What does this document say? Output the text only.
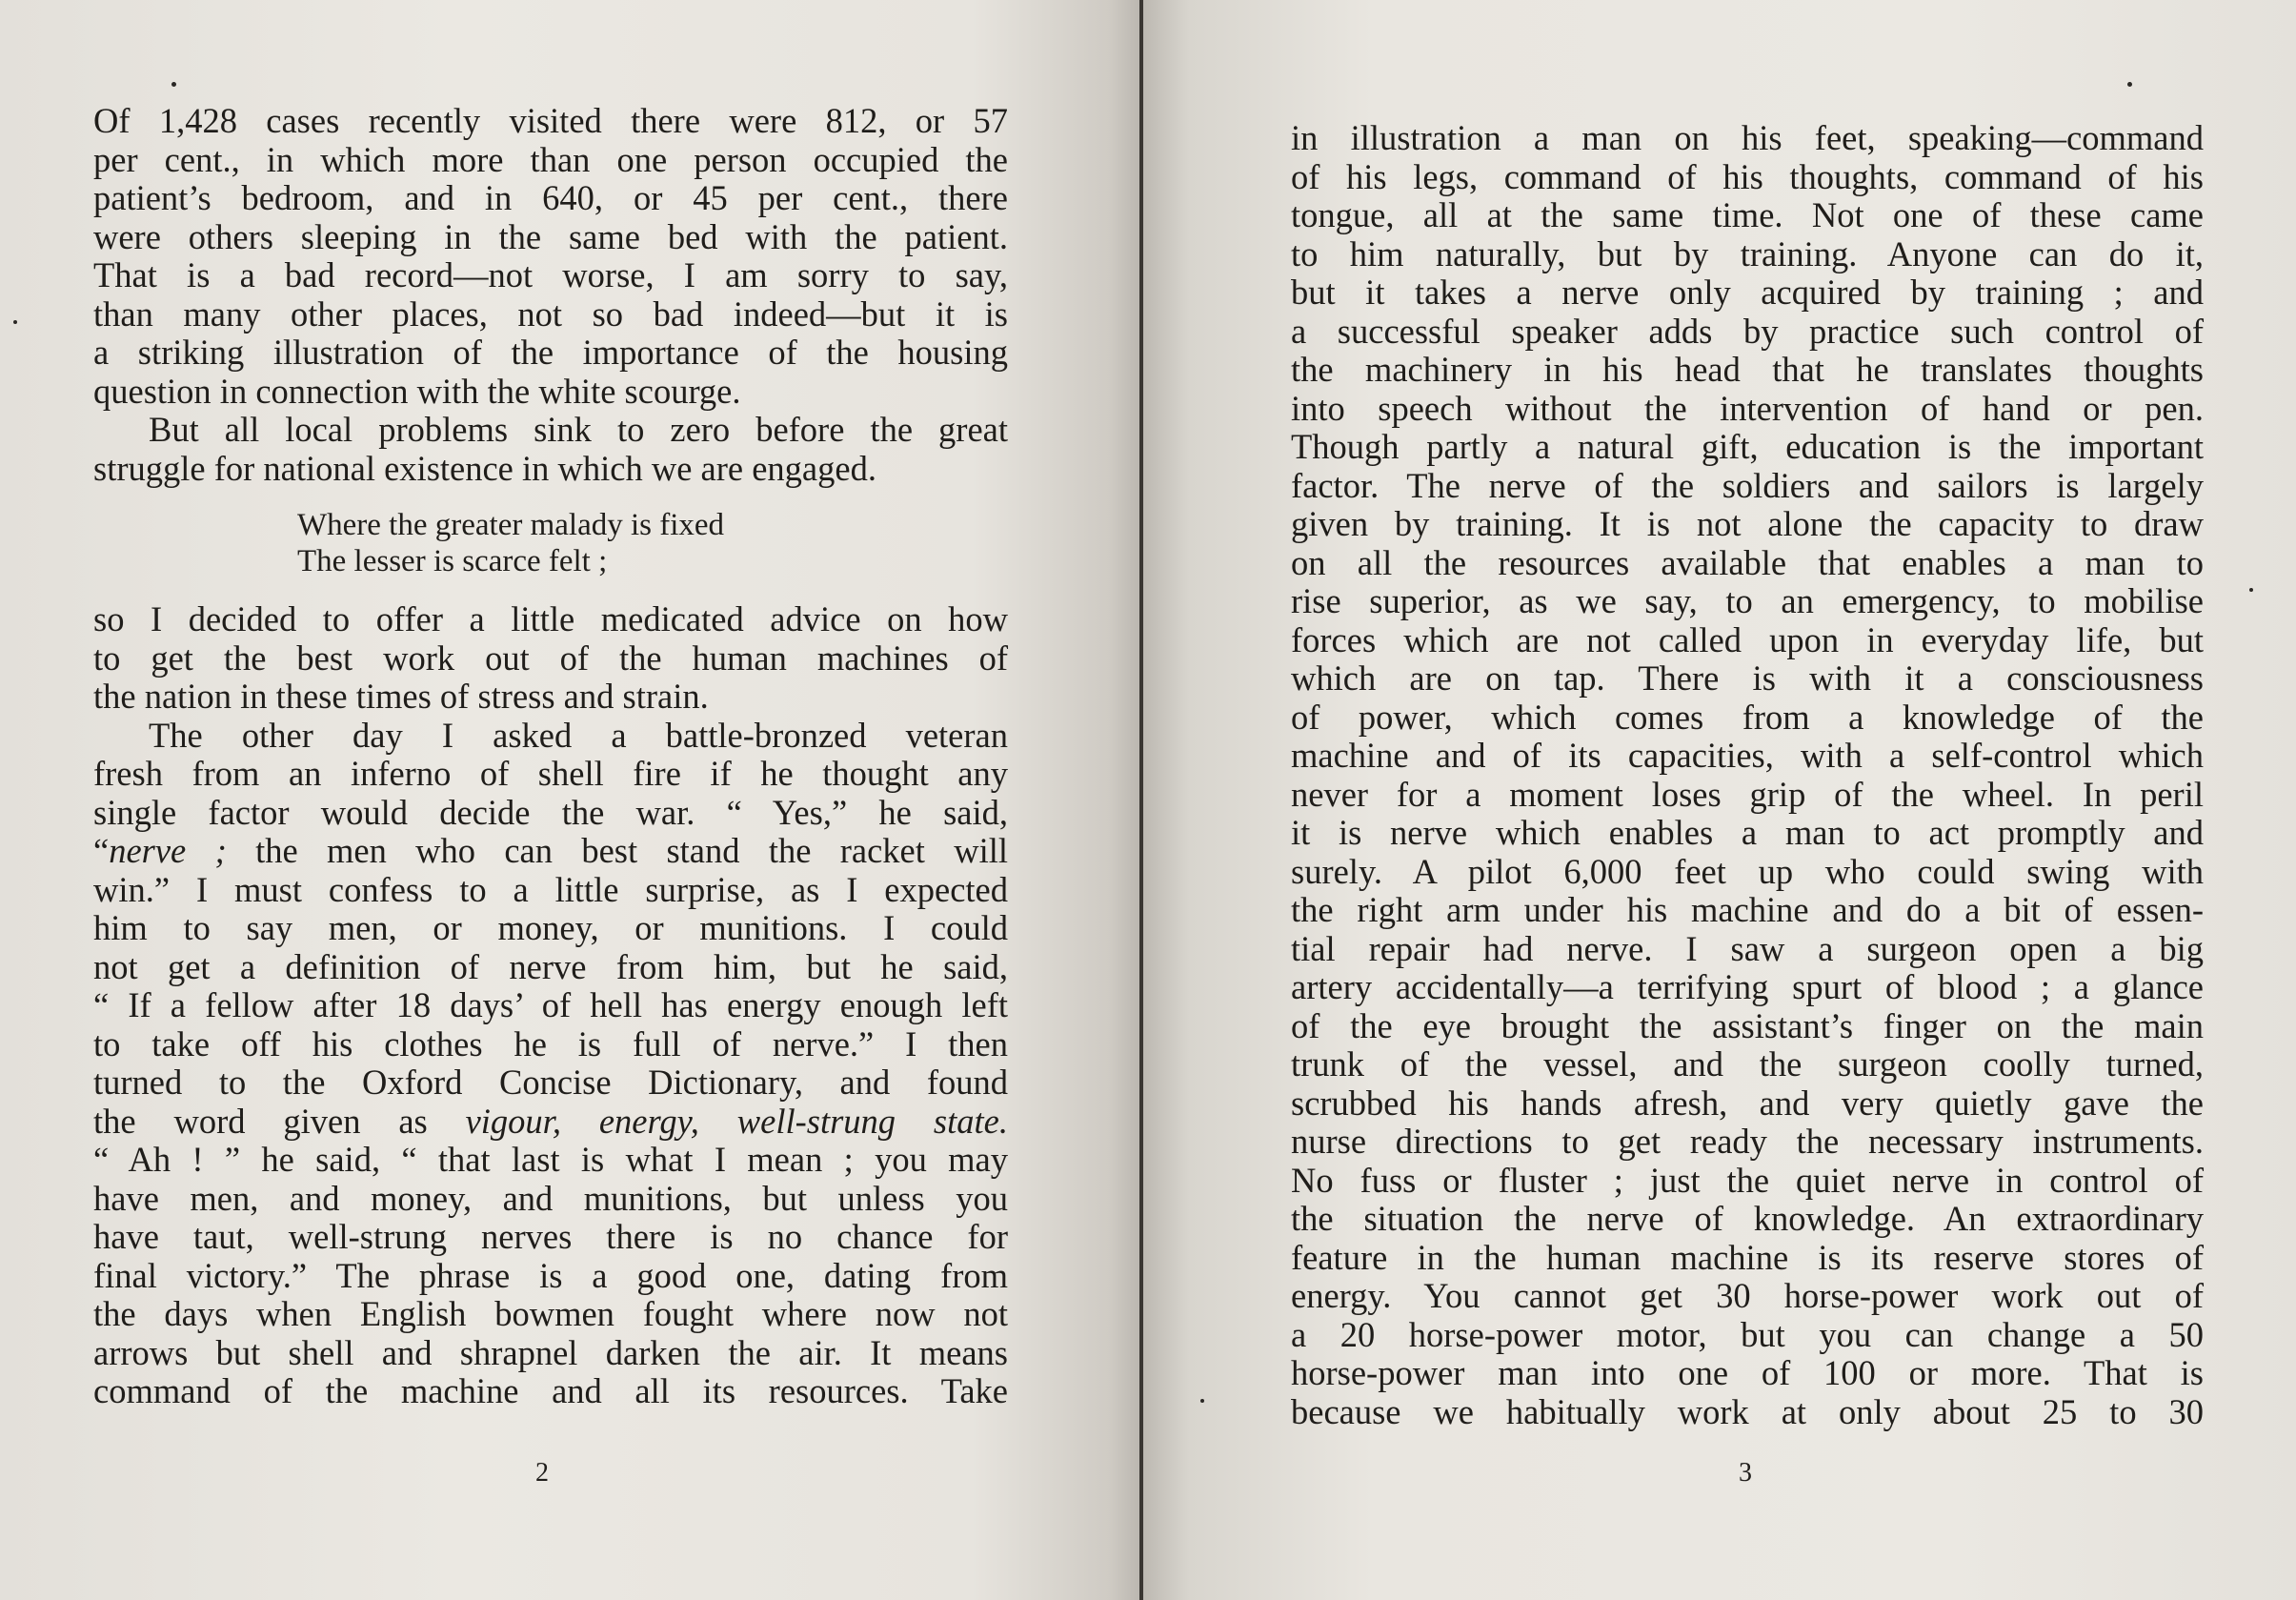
Of 1,428 cases recently visited there were 812, or 57
per cent., in which more than one person occupied the
patient’s bedroom, and in 640, or 45 per cent., there
were others sleeping in the same bed with the patient.
That is a bad record—not worse, I am sorry to say,
than many other places, not so bad indeed—but it is
a striking illustration of the importance of the housing
question in connection with the white scourge.
But all local problems sink to zero before the great
struggle for national existence in which we are engaged.
Where the greater malady is fixed
The lesser is scarce felt ;
so I decided to offer a little medicated advice on how
to get the best work out of the human machines of
the nation in these times of stress and strain.
The other day I asked a battle-bronzed veteran
fresh from an inferno of shell fire if he thought any
single factor would decide the war. “ Yes,” he said,
“nerve ; the men who can best stand the racket will
win.” I must confess to a little surprise, as I expected
him to say men, or money, or munitions. I could
not get a definition of nerve from him, but he said,
“ If a fellow after 18 days’ of hell has energy enough left
to take off his clothes he is full of nerve.” I then
turned to the Oxford Concise Dictionary, and found
the word given as vigour, energy, well-strung state.
“ Ah ! ” he said, “ that last is what I mean ; you may
have men, and money, and munitions, but unless you
have taut, well-strung nerves there is no chance for
final victory.” The phrase is a good one, dating from
the days when English bowmen fought where now not
arrows but shell and shrapnel darken the air. It means
command of the machine and all its resources. Take
2
in illustration a man on his feet, speaking—command
of his legs, command of his thoughts, command of his
tongue, all at the same time. Not one of these came
to him naturally, but by training. Anyone can do it,
but it takes a nerve only acquired by training ; and
a successful speaker adds by practice such control of
the machinery in his head that he translates thoughts
into speech without the intervention of hand or pen.
Though partly a natural gift, education is the important
factor. The nerve of the soldiers and sailors is largely
given by training. It is not alone the capacity to draw
on all the resources available that enables a man to
rise superior, as we say, to an emergency, to mobilise
forces which are not called upon in everyday life, but
which are on tap. There is with it a consciousness
of power, which comes from a knowledge of the
machine and of its capacities, with a self-control which
never for a moment loses grip of the wheel. In peril
it is nerve which enables a man to act promptly and
surely. A pilot 6,000 feet up who could swing with
the right arm under his machine and do a bit of essen-
tial repair had nerve. I saw a surgeon open a big
artery accidentally—a terrifying spurt of blood ; a glance
of the eye brought the assistant’s finger on the main
trunk of the vessel, and the surgeon coolly turned,
scrubbed his hands afresh, and very quietly gave the
nurse directions to get ready the necessary instruments.
No fuss or fluster ; just the quiet nerve in control of
the situation the nerve of knowledge. An extraordinary
feature in the human machine is its reserve stores of
energy. You cannot get 30 horse-power work out of
a 20 horse-power motor, but you can change a 50
horse-power man into one of 100 or more. That is
because we habitually work at only about 25 to 30
3
